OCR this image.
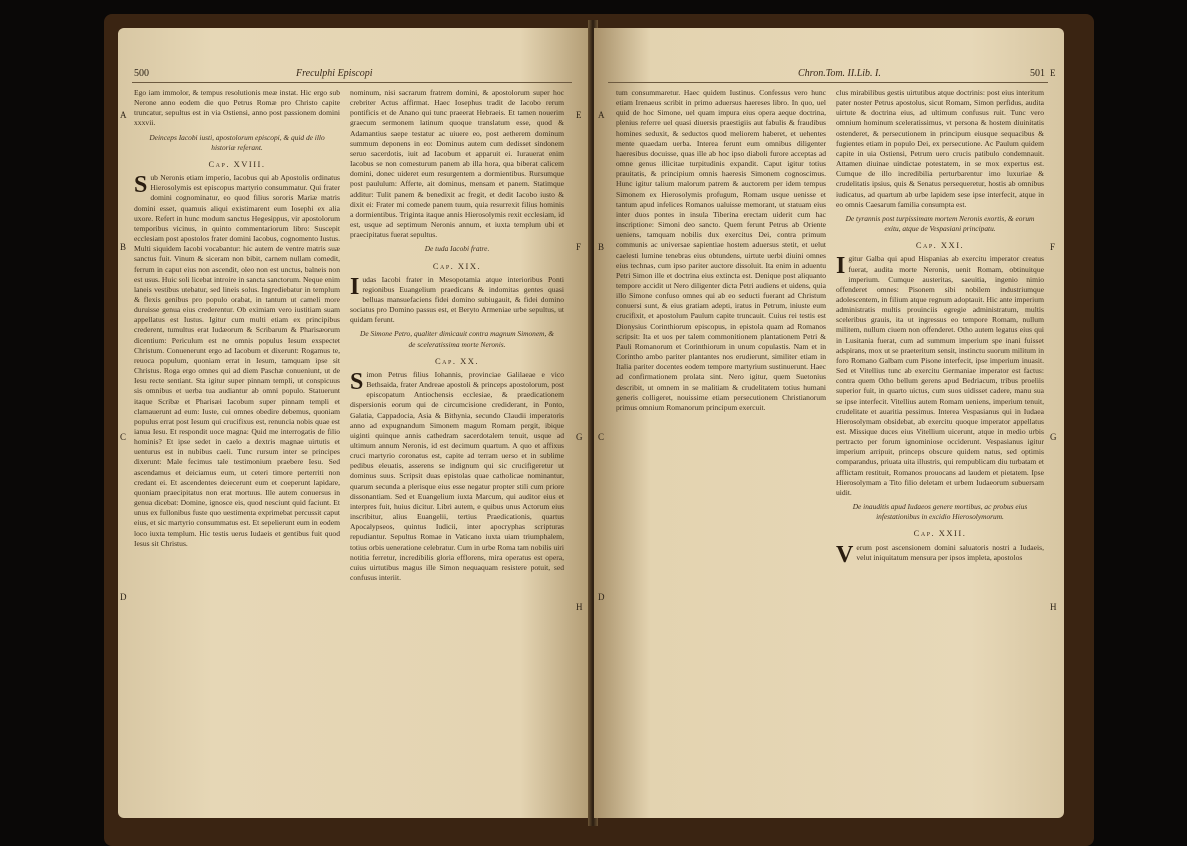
500	Freculphi Episcopi
A
B
C
D
E
F
G
H

Ego iam immolor, & tempus resolutionis meæ instat. Hic ergo sub Nerone anno eodem die quo Petrus Romæ pro Christo capite truncatur, sepultus est in via Ostiensi, anno post passionem domini xxxvii.

Deinceps Iacobi iusti, apostolorum episcopi, & quid de illo historiæ referant.
Cap. XVIII.

Sub Neronis etiam imperio, Iacobus qui ab Apostolis ordinatus Hierosolymis est episcopus martyrio consummatur. Qui frater domini cognominatur, eo quod filius sororis Mariæ matris domini esset, quamuis aliqui existimarent eum Iosephi ex alia uxore. Refert in hunc modum sanctus Hegesippus, vir apostolorum temporibus vicinus, in quinto commentariorum libro: Suscepit ecclesiam post apostolos frater domini Iacobus, cognomento Iustus. Multi siquidem Iacobi vocabantur: hic autem de ventre matris suæ sanctus fuit. Vinum & siceram non bibit, carnem nullam comedit, ferrum in caput eius non ascendit, oleo non est unctus, balneis non est usus. Huic soli licebat introire in sancta sanctorum. Neque enim laneis vestibus utebatur, sed lineis solus. Ingrediebatur in templum & flexis genibus pro populo orabat, in tantum ut cameli more duruisse genua eius crederentur. Ob eximiam vero iustitiam suam appellatus est Iustus. Igitur cum multi etiam ex principibus crederent, tumultus erat Iudæorum & Scribarum & Pharisæorum dicentium: Periculum est ne omnis populus Iesum exspectet Christum. Conuenerunt ergo ad Iacobum et dixerunt: Rogamus te, reuoca populum, quoniam errat in Iesum, tamquam ipse sit Christus. Roga ergo omnes qui ad diem Paschæ conueniunt, ut de Iesu recte sentiant. Sta igitur super pinnam templi, ut conspicuus sis omnibus et uerba tua audiantur ab omni populo. Statuerunt itaque Scribæ et Pharisæi Iacobum super pinnam templi et clamauerunt ad eum: Iuste, cui omnes obedire debemus, quoniam populus errat post Iesum qui crucifixus est, renuncia nobis quae est ianua Iesu. Et respondit uoce magna: Quid me interrogatis de filio hominis? Et ipse sedet in caelo a dextris magnae uirtutis et uenturus est in nubibus caeli. Tunc rursum inter se principes dixerunt: Male fecimus tale testimonium praebere Iesu. Sed ascendamus et deiciamus eum, ut ceteri timore perterriti non credant ei. Et ascendentes deiecerunt eum et coeperunt lapidare, quoniam praecipitatus non erat mortuus. Ille autem conuersus in genua dicebat: Domine, ignosce eis, quod nesciunt quid faciunt. Et unus ex fullonibus fuste quo uestimenta exprimebat percussit caput eius, et sic martyrio consummatus est. Et sepelierunt eum in eodem loco iuxta templum. Hic testis uerus Iudaeis et gentibus fuit quod Iesus sit Christus.

nominum, nisi sacrarum fratrem domini, & apostolorum super hoc crebriter Actus affirmat. Haec Iosephus tradit de Iacobo rerum pontificis et de Anano qui tunc praeerat Hebraeis. Et tamen nouerim graecum sermonem latinum quoque translatum esse, quod & Adamantius saepe testatur ac uiuere eo, post aetherem dominum summum deponens in eo: Dominus autem cum dedisset sindonem seruo sacerdotis, iuit ad Iacobum et apparuit ei. Iurauerat enim Iacobus se non comesturum panem ab illa hora, qua biberat calicem domini, donec uideret eum resurgentem a dormientibus. Rursumque post paululum: Afferte, ait dominus, mensam et panem. Statimque additur: Tulit panem & benedixit ac fregit, et dedit Iacobo iusto & dixit ei: Frater mi comede panem tuum, quia resurrexit filius hominis a dormientibus. Triginta itaque annis Hierosolymis rexit ecclesiam, id est, usque ad septimum Neronis annum, et iuxta templum ubi et praecipitatus fuerat sepultus.

De tuda Iacobi fratre.
Cap. XIX.

Iudas Iacobi frater in Mesopotamia atque interioribus Ponti regionibus Euangelium praedicans & indomitas gentes quasi belluas mansuefaciens fidei domino subiugauit, & fidei domino sociatus pro Domino passus est, et Beryto Armeniae urbe sepultus, ut quidam ferunt.

De Simone Petro, qualiter dimicauit contra magnum Simonem, & de sceleratissima morte Neronis.
Cap. XX.

Simon Petrus filius Iohannis, provinciae Galilaeae e vico Bethsaida, frater Andreae apostoli & princeps apostolorum, post episcopatum Antiochensis ecclesiae, & praedicationem dispersionis eorum qui de circumcisione crediderant, in Ponto, Galatia, Cappadocia, Asia & Bithynia, secundo Claudii imperatoris anno ad expugnandum Simonem magum Romam pergit, ibique uiginti quinque annis cathedram sacerdotalem tenuit, usque ad ultimum annum Neronis, id est decimum quartum. A quo et affixus cruci martyrio coronatus est, capite ad terram uerso et in sublime pedibus eleuatis, asserens se indignum qui sic crucifigeretur ut dominus suus. Scripsit duas epistolas quae catholicae nominantur, quarum secunda a plerisque eius esse negatur propter stili cum priore dissonantiam. Sed et Euangelium iuxta Marcum, qui auditor eius et interpres fuit, huius dicitur. Libri autem, e quibus unus Actorum eius inscribitur, alius Euangelii, tertius Praedicationis, quartus Apocalypseos, quintus Iudicii, inter apocryphas scripturas repudiantur. Sepultus Romae in Vaticano iuxta uiam triumphalem, totius orbis ueneratione celebratur. Cum in urbe Roma tam nobilis uiri notitia ferretur, incredibilis gloria efflorens, mira operatus est opera, cuius uirtutibus magus ille Simon nequaquam resistere potuit, sed confusus interiit.

Chron.Tom. II.Lib. I.	501
A
B
C
D
E
F
G
H

tum consummaretur. Haec quidem Iustinus. Confessus vero hunc etiam Irenaeus scribit in primo aduersus haereses libro. In quo, uel quid de hoc Simone, uel quam impura eius opera aeque doctrina, plenius referre uel quasi diuersis praestigiis aut fabulis & fraudibus homines seduxit, & seductos quod meliorem haberet, et uehentes mente quaedam uerba. Interea ferunt eum omnibus diligenter haeresibus docuisse, quas ille ab hoc ipso diaboli furore acceptas ad omne genus illicitae turpitudinis expandit. Caput igitur totius prauitatis, & principium omnis haeresis Simonem cognoscimus. Hunc igitur talium malorum patrem & auctorem per idem tempus Simonem ex Hierosolymis profugum, Romam usque uenisse et tantum apud infelices Romanos ualuisse memorant, ut statuam eius inter duos pontes in insula Tiberina erectam uiderit cum hac inscriptione: Simoni deo sancto. Quem ferunt Petrus ab Oriente ueniens, tamquam nobilis dux exercitus Dei, contra primum communis ac universae sapientiae hostem aduersus stetit, et uelut caelesti lumine tenebras eius obtundens, uirtute uerbi diuini omnes eius technas, cum ipso pariter auctore dissoluit. Ita enim in aduentu Petri Simon ille et doctrina eius extincta est. Denique post aliquanto tempore accidit ut Nero diligenter dicta Petri audiens et uidens, quia illo Simone confuso omnes qui ab eo seducti fuerant ad Christum conuersi sunt, & eius gratiam adepti, iratus in Petrum, iniuste eum crucifixit, et apostolum Paulum capite truncauit. Cuius rei testis est Dionysius Corinthiorum episcopus, in epistola quam ad Romanos scripsit: Ita et uos per talem commonitionem plantationem Petri & Pauli Romanorum et Corinthiorum in unum copulastis. Nam et in Corintho ambo pariter plantantes nos erudierunt, similiter etiam in Italia pariter docentes eodem tempore martyrium sustinuerunt. Haec ad confirmationem prolata sint. Nero igitur, quem Suetonius describit, ut omnem in se malitiam & crudelitatem totius humani generis colligeret, nouissime etiam persecutionem Christianorum primus omnium Romanorum principum exercuit.

clus mirabilibus gestis uirtutibus atque doctrinis: post eius interitum pater noster Petrus apostolus, sicut Romam, Simon perfidus, audita uirtute & doctrina eius, ad ultimum confusus ruit. Tunc vero omnium hominum sceleratissimus, vt persona & hostem diuinitatis ostenderet, & persecutionem in principum eiusque sequacibus & fugientes etiam in populo Dei, ex persecutione. Ac Paulum quidem capite in uia Ostiensi, Petrum uero crucis patibulo condemnauit. Attamen diuinae uindictae potestatem, in se mox expertus est. Cumque de illo incredibilia perturbarentur imo luxuriae & crudelitatis ipsius, quis & Senatus persequeretur, hostis ab omnibus iudicatus, ad quartum ab urbe lapidem sese ipse interfecit, atque in eo omnis Caesarum familia consumpta est.

De tyrannis post turpissimam mortem Neronis exortis, & eorum exitu, atque de Vespasiani principatu.
Cap. XXI.

Igitur Galba qui apud Hispanias ab exercitu imperator creatus fuerat, audita morte Neronis, uenit Romam, obtinuitque imperium. Cumque austeritas, saeuitia, ingenio nimio offenderet omnes: Pisonem sibi nobilem industriumque adolescentem, in filium atque regnum adoptauit. Hic ante imperium administratis multis prouinciis egregie administratum, multis sceleribus grauis, ita ut ingressus eo tempore Romam, nullum militem, nullum ciuem non offenderet. Otho autem legatus eius qui in Lusitania fuerat, cum ad summum imperium spe inani fuisset adspirans, mox ut se praeteritum sensit, instinctu suorum militum in foro Romano Galbam cum Pisone interfecit, ipse imperium inuasit. Sed et Vitellius tunc ab exercitu Germaniae imperator est factus: contra quem Otho bellum gerens apud Bedriacum, tribus proeliis superior fuit, in quarto uictus, cum suos uidisset cadere, manu sua se ipse interfecit. Vitellius autem Romam ueniens, imperium tenuit, crudelitate et auaritia pessimus. Interea Vespasianus qui in Iudaea Hierosolymam obsidebat, ab exercitu quoque imperator appellatus est. Missique duces eius Vitellium uicerunt, atque in medio urbis pertracto per forum ignominiose occiderunt. Vespasianus igitur imperium arripuit, princeps obscure quidem natus, sed optimis comparandus, priuata uita illustris, qui rempublicam diu turbatam et afflictam restituit, Romanos prouocans ad laudem et pietatem. Ipse Hierosolymam a Tito filio deletam et urbem Iudaeorum subuersam uidit.

De inauditis apud Iudaeos genere mortibus, ac probus eius infestationibus in excidio Hierosolymorum.
Cap. XXII.

Verum post ascensionem domini saluatoris nostri a Iudaeis, velut iniquitatum mensura per ipsos impleta, apostolos
